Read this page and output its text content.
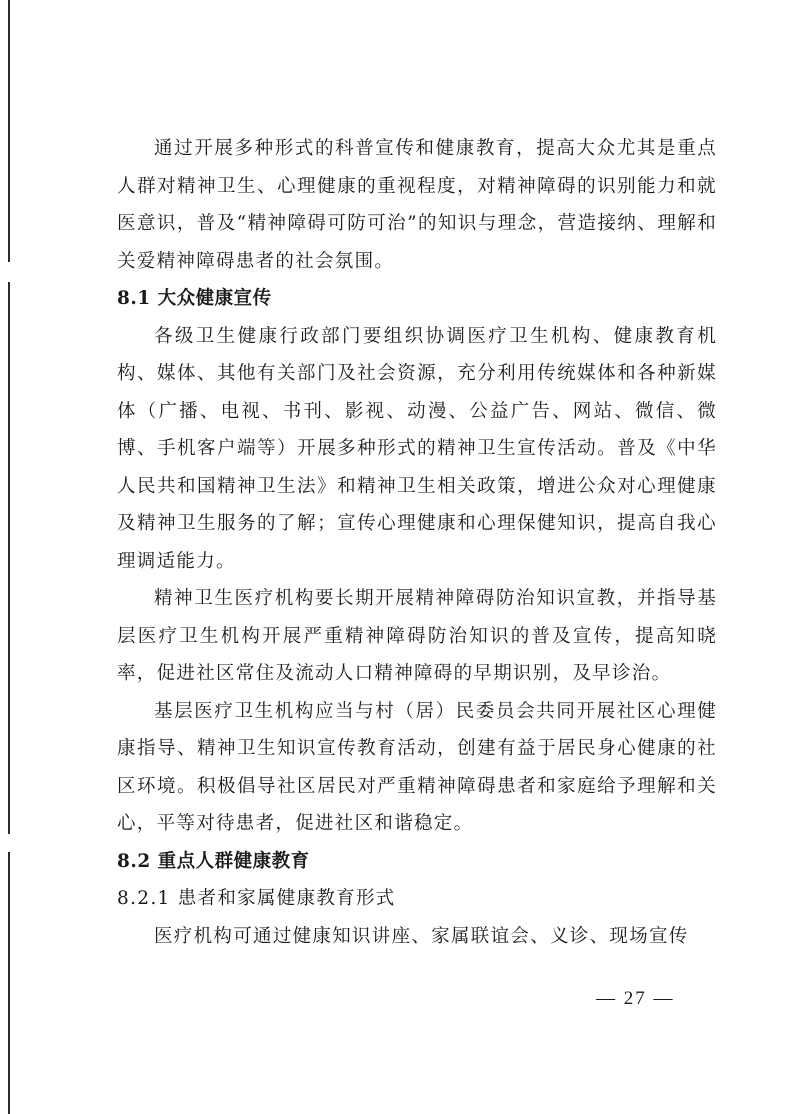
通过开展多种形式的科普宣传和健康教育，提高大众尤其是重点人群对精神卫生、心理健康的重视程度，对精神障碍的识别能力和就医意识，普及“精神障碍可防可治”的知识与理念，营造接纳、理解和关爱精神障碍患者的社会氛围。

8.1 大众健康宣传

各级卫生健康行政部门要组织协调医疗卫生机构、健康教育机构、媒体、其他有关部门及社会资源，充分利用传统媒体和各种新媒体（广播、电视、书刊、影视、动漫、公益广告、网站、微信、微博、手机客户端等）开展多种形式的精神卫生宣传活动。普及《中华人民共和国精神卫生法》和精神卫生相关政策，增进公众对心理健康及精神卫生服务的了解；宣传心理健康和心理保健知识，提高自我心理调适能力。

精神卫生医疗机构要长期开展精神障碍防治知识宣教，并指导基层医疗卫生机构开展严重精神障碍防治知识的普及宣传，提高知晓率，促进社区常住及流动人口精神障碍的早期识别，及早诊治。

基层医疗卫生机构应当与村（居）民委员会共同开展社区心理健康指导、精神卫生知识宣传教育活动，创建有益于居民身心健康的社区环境。积极倡导社区居民对严重精神障碍患者和家庭给予理解和关心，平等对待患者，促进社区和谐稳定。

8.2 重点人群健康教育

8.2.1 患者和家属健康教育形式

医疗机构可通过健康知识讲座、家属联谊会、义诊、现场宣传

— 27 —
